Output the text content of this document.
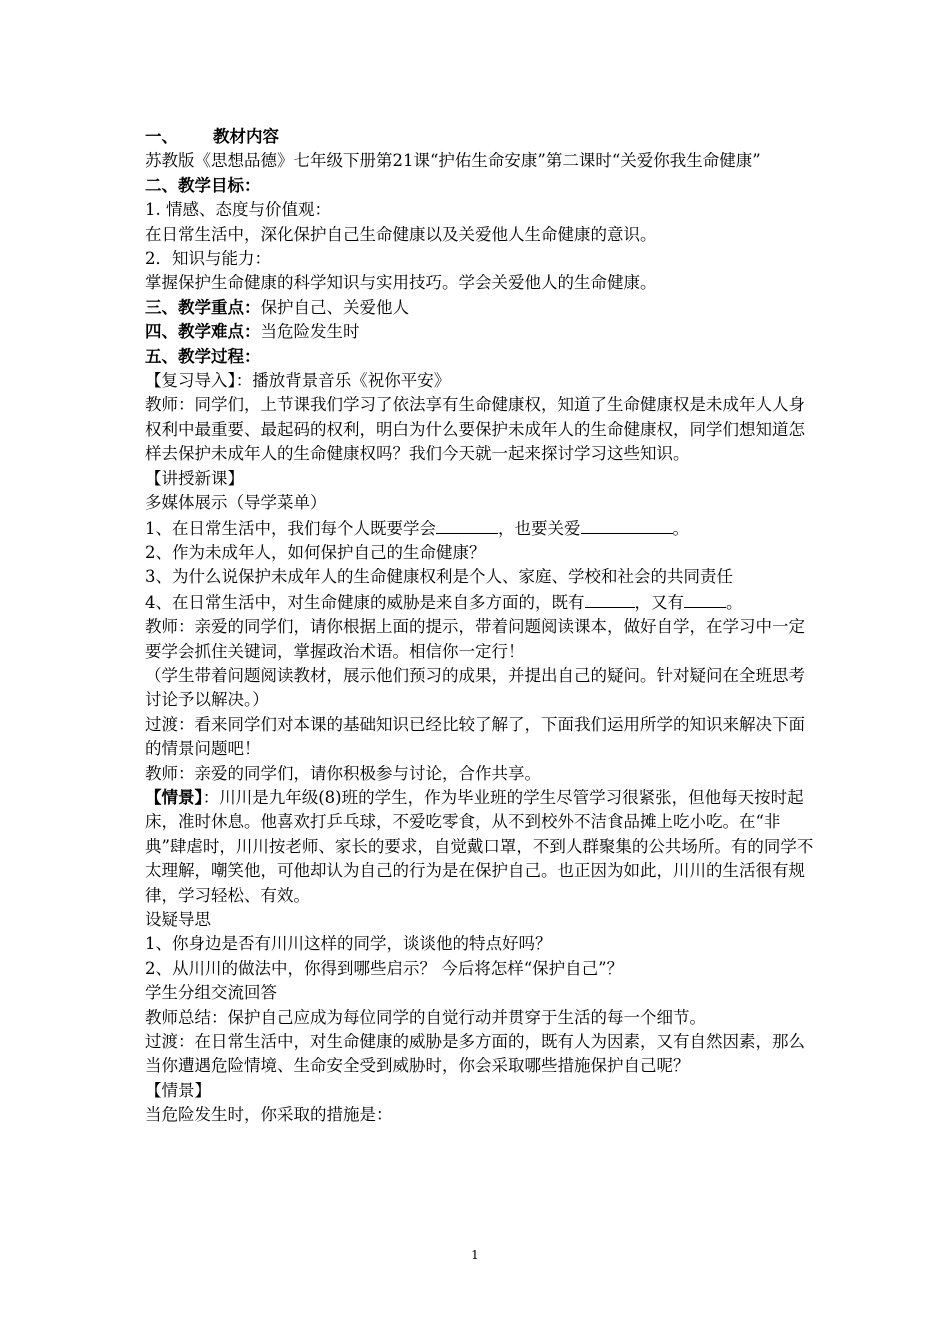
一、 教材内容
苏教版《思想品德》七年级下册第21课“护佑生命安康”第二课时“关爱你我生命健康”
二、教学目标：
1. 情感、态度与价值观：
在日常生活中，深化保护自己生命健康以及关爱他人生命健康的意识。
2．知识与能力：
掌握保护生命健康的科学知识与实用技巧。学会关爱他人的生命健康。
三、教学重点：保护自己、关爱他人
四、教学难点：当危险发生时
五、教学过程：
【复习导入】：播放背景音乐《祝你平安》
教师：同学们，上节课我们学习了依法享有生命健康权，知道了生命健康权是未成年人人身权利中最重要、最起码的权利，明白为什么要保护未成年人的生命健康权，同学们想知道怎样去保护未成年人的生命健康权吗？我们今天就一起来探讨学习这些知识。
【讲授新课】
多媒体展示（导学菜单）
1、在日常生活中，我们每个人既要学会	，也要关爱	。
2、作为未成年人，如何保护自己的生命健康？
3、为什么说保护未成年人的生命健康权利是个人、家庭、学校和社会的共同责任
4、在日常生活中，对生命健康的威胁是来自多方面的，既有	，又有	。
教师：亲爱的同学们，请你根据上面的提示，带着问题阅读课本，做好自学，在学习中一定要学会抓住关键词，掌握政治术语。相信你一定行！
（学生带着问题阅读教材，展示他们预习的成果，并提出自己的疑问。针对疑问在全班思考讨论予以解决。）
过渡：看来同学们对本课的基础知识已经比较了解了，下面我们运用所学的知识来解决下面的情景问题吧！
教师：亲爱的同学们，请你积极参与讨论，合作共享。
【情景】：川川是九年级(8)班的学生，作为毕业班的学生尽管学习很紧张，但他每天按时起床，准时休息。他喜欢打乒乓球，不爱吃零食，从不到校外不洁食品摊上吃小吃。在“非典”肆虐时，川川按老师、家长的要求，自觉戴口罩，不到人群聚集的公共场所。有的同学不太理解，嘲笑他，可他却认为自己的行为是在保护自己。也正因为如此，川川的生活很有规律，学习轻松、有效。
设疑导思
1、你身边是否有川川这样的同学，谈谈他的特点好吗？
2、从川川的做法中，你得到哪些启示？ 今后将怎样“保护自己”？
学生分组交流回答
教师总结：保护自己应成为每位同学的自觉行动并贯穿于生活的每一个细节。
过渡：在日常生活中，对生命健康的威胁是多方面的，既有人为因素，又有自然因素，那么当你遭遇危险情境、生命安全受到威胁时，你会采取哪些措施保护自己呢？
【情景】
当危险发生时，你采取的措施是：
1
